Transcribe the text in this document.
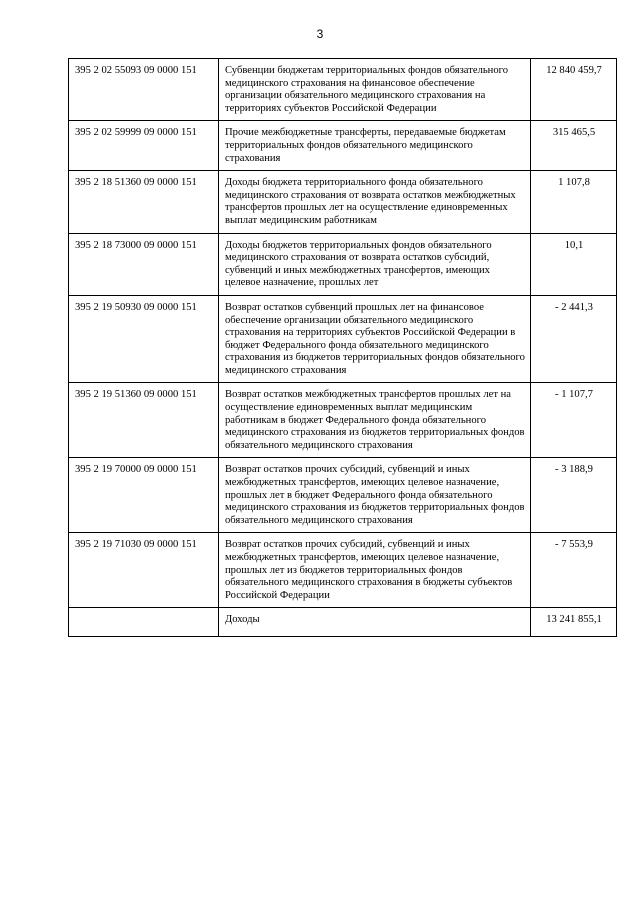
3
395 2 02 55093 09 0000 151	Субвенции бюджетам территориальных фондов обязательного медицинского страхования на финансовое обеспечение организации обязательного медицинского страхования на территориях субъектов Российской Федерации	12 840 459,7
395 2 02 59999 09 0000 151	Прочие межбюджетные трансферты, передаваемые бюджетам территориальных фондов обязательного медицинского страхования	315 465,5
395 2 18 51360 09 0000 151	Доходы бюджета территориального фонда обязательного медицинского страхования от возврата остатков межбюджетных трансфертов прошлых лет на осуществление единовременных выплат медицинским работникам	1 107,8
395 2 18 73000 09 0000 151	Доходы бюджетов территориальных фондов обязательного медицинского страхования от возврата остатков субсидий, субвенций и иных межбюджетных трансфертов, имеющих целевое назначение, прошлых лет	10,1
395 2 19 50930 09 0000 151	Возврат остатков субвенций прошлых лет на финансовое обеспечение организации обязательного медицинского страхования на территориях субъектов Российской Федерации в бюджет Федерального фонда обязательного медицинского страхования из бюджетов территориальных фондов обязательного медицинского страхования	- 2 441,3
395 2 19 51360 09 0000 151	Возврат остатков межбюджетных трансфертов прошлых лет на осуществление единовременных выплат медицинским работникам в бюджет Федерального фонда обязательного медицинского страхования из бюджетов территориальных фондов обязательного медицинского страхования	- 1 107,7
395 2 19 70000 09 0000 151	Возврат остатков прочих субсидий, субвенций и иных межбюджетных трансфертов, имеющих целевое назначение, прошлых лет в бюджет Федерального фонда обязательного медицинского страхования из бюджетов территориальных фондов обязательного медицинского страхования	- 3 188,9
395 2 19 71030 09 0000 151	Возврат остатков прочих субсидий, субвенций и иных межбюджетных трансфертов, имеющих целевое назначение, прошлых лет из бюджетов территориальных фондов обязательного медицинского страхования в бюджеты субъектов Российской Федерации	- 7 553,9
	Доходы	13 241 855,1
